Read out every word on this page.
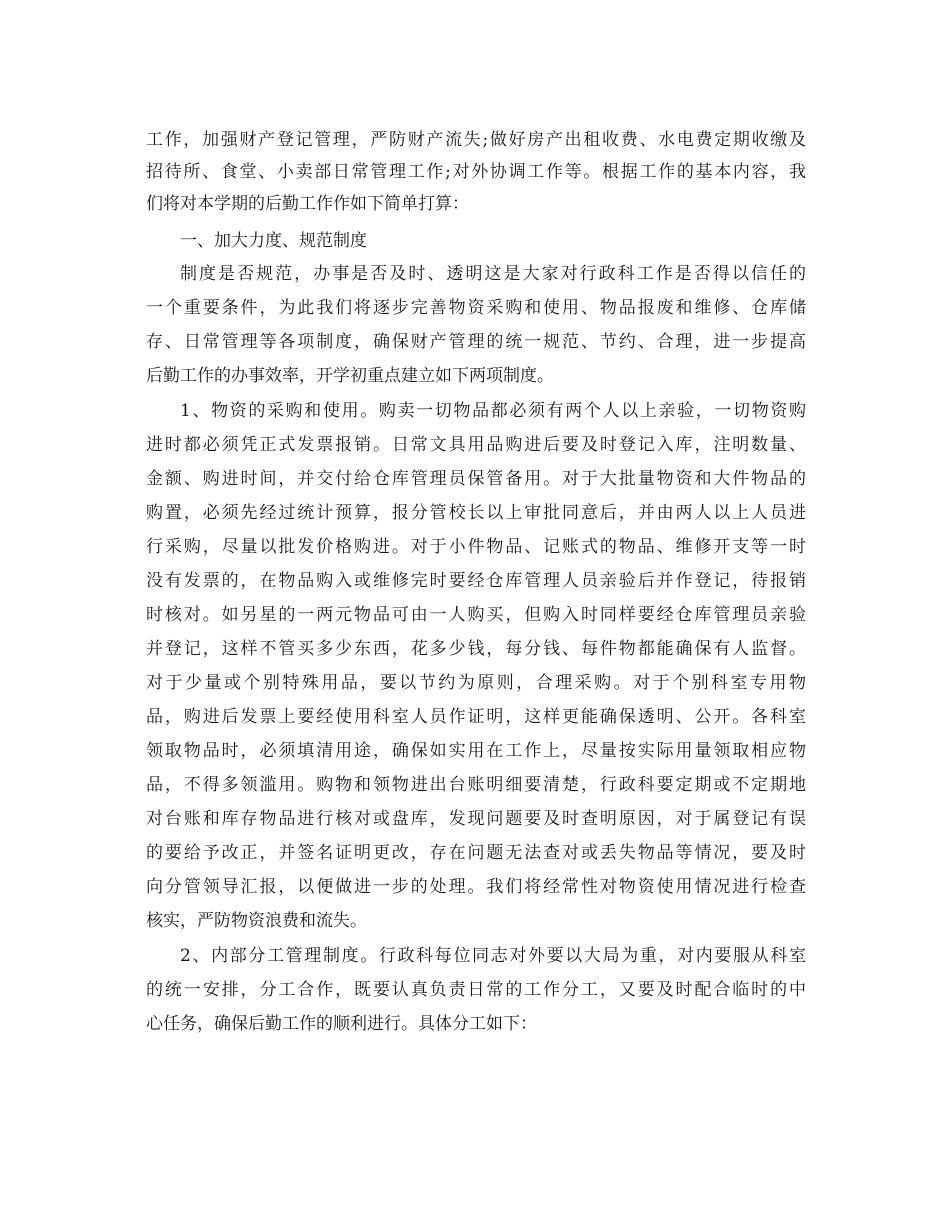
工作，加强财产登记管理，严防财产流失;做好房产出租收费、水电费定期收缴及
招待所、食堂、小卖部日常管理工作;对外协调工作等。根据工作的基本内容，我
们将对本学期的后勤工作作如下简单打算：
一、加大力度、规范制度
制度是否规范，办事是否及时、透明这是大家对行政科工作是否得以信任的
一个重要条件，为此我们将逐步完善物资采购和使用、物品报废和维修、仓库储
存、日常管理等各项制度，确保财产管理的统一规范、节约、合理，进一步提高
后勤工作的办事效率，开学初重点建立如下两项制度。
1、物资的采购和使用。购卖一切物品都必须有两个人以上亲验，一切物资购
进时都必须凭正式发票报销。日常文具用品购进后要及时登记入库，注明数量、
金额、购进时间，并交付给仓库管理员保管备用。对于大批量物资和大件物品的
购置，必须先经过统计预算，报分管校长以上审批同意后，并由两人以上人员进
行采购，尽量以批发价格购进。对于小件物品、记账式的物品、维修开支等一时
没有发票的，在物品购入或维修完时要经仓库管理人员亲验后并作登记，待报销
时核对。如另星的一两元物品可由一人购买，但购入时同样要经仓库管理员亲验
并登记，这样不管买多少东西，花多少钱，每分钱、每件物都能确保有人监督。
对于少量或个别特殊用品，要以节约为原则，合理采购。对于个别科室专用物
品，购进后发票上要经使用科室人员作证明，这样更能确保透明、公开。各科室
领取物品时，必须填清用途，确保如实用在工作上，尽量按实际用量领取相应物
品，不得多领滥用。购物和领物进出台账明细要清楚，行政科要定期或不定期地
对台账和库存物品进行核对或盘库，发现问题要及时查明原因，对于属登记有误
的要给予改正，并签名证明更改，存在问题无法查对或丢失物品等情况，要及时
向分管领导汇报，以便做进一步的处理。我们将经常性对物资使用情况进行检查
核实，严防物资浪费和流失。
2、内部分工管理制度。行政科每位同志对外要以大局为重，对内要服从科室
的统一安排，分工合作，既要认真负责日常的工作分工，又要及时配合临时的中
心任务，确保后勤工作的顺利进行。具体分工如下：
